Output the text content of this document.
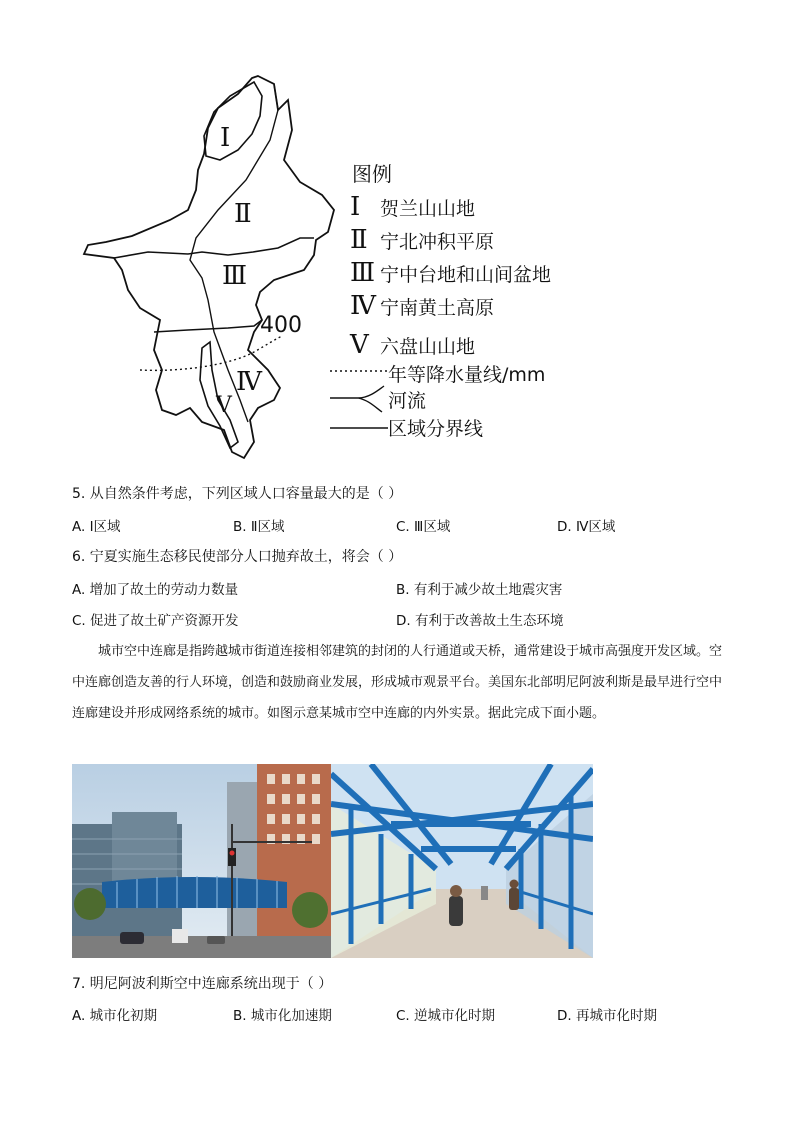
Ⅰ
Ⅱ
Ⅲ
400
Ⅳ
Ⅴ
图例
Ⅰ 贺兰山山地
Ⅱ 宁北冲积平原
Ⅲ 宁中台地和山间盆地
Ⅳ 宁南黄土高原
Ⅴ 六盘山山地
年等降水量线/mm
河流
区域分界线
5. 从自然条件考虑，下列区域人口容量最大的是（ ）
A. Ⅰ区域	B. Ⅱ区域	C. Ⅲ区域	D. Ⅳ区域
6. 宁夏实施生态移民使部分人口抛弃故土，将会（ ）
A. 增加了故土的劳动力数量	B. 有利于减少故土地震灾害
C. 促进了故土矿产资源开发	D. 有利于改善故土生态环境
城市空中连廊是指跨越城市街道连接相邻建筑的封闭的人行通道或天桥，通常建设于城市高强度开发区域。空中连廊创造友善的行人环境，创造和鼓励商业发展，形成城市观景平台。美国东北部明尼阿波利斯是最早进行空中连廊建设并形成网络系统的城市。如图示意某城市空中连廊的内外实景。据此完成下面小题。
7. 明尼阿波利斯空中连廊系统出现于（ ）
A. 城市化初期	B. 城市化加速期	C. 逆城市化时期	D. 再城市化时期
